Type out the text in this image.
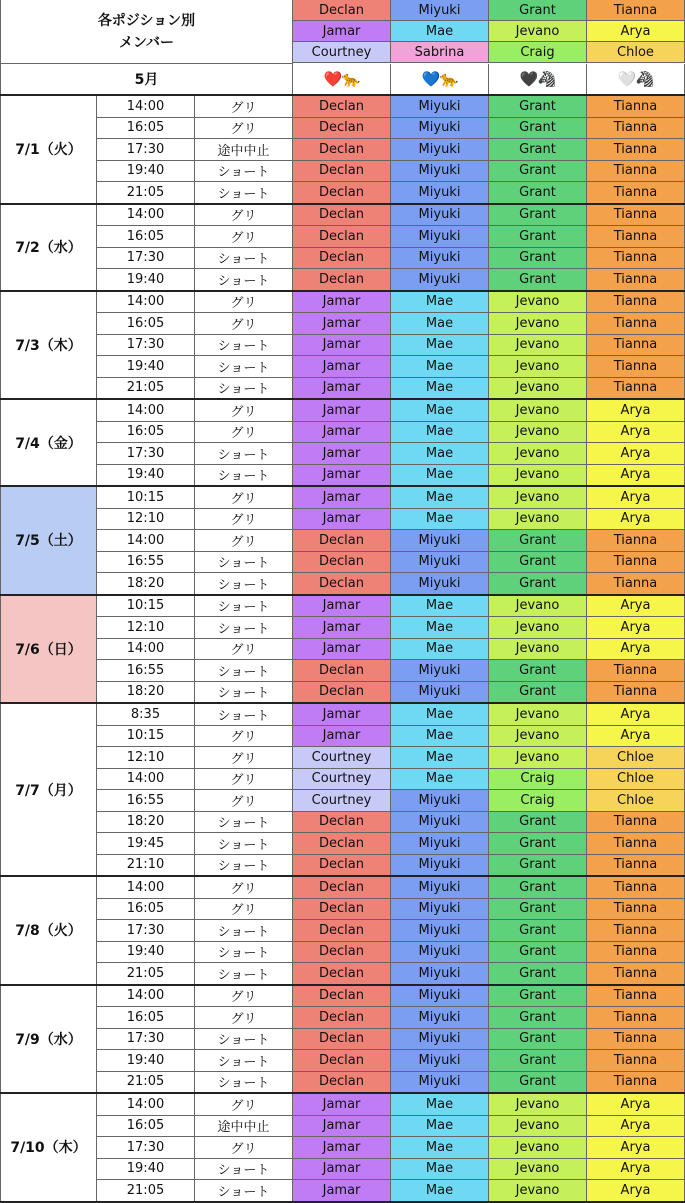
各ポジション別
メンバー
Declan	Miyuki	Grant	Tianna
Jamar	Mae	Jevano	Arya
Courtney	Sabrina	Craig	Chloe
5月	❤️🐆	💙🐆	🖤🦓	🤍🦓
7/1（火）
14:00	グリ	Declan	Miyuki	Grant	Tianna
16:05	グリ	Declan	Miyuki	Grant	Tianna
17:30	途中中止	Declan	Miyuki	Grant	Tianna
19:40	ショート	Declan	Miyuki	Grant	Tianna
21:05	ショート	Declan	Miyuki	Grant	Tianna
7/2（水）
14:00	グリ	Declan	Miyuki	Grant	Tianna
16:05	グリ	Declan	Miyuki	Grant	Tianna
17:30	ショート	Declan	Miyuki	Grant	Tianna
19:40	ショート	Declan	Miyuki	Grant	Tianna
7/3（木）
14:00	グリ	Jamar	Mae	Jevano	Tianna
16:05	グリ	Jamar	Mae	Jevano	Tianna
17:30	ショート	Jamar	Mae	Jevano	Tianna
19:40	ショート	Jamar	Mae	Jevano	Tianna
21:05	ショート	Jamar	Mae	Jevano	Tianna
7/4（金）
14:00	グリ	Jamar	Mae	Jevano	Arya
16:05	グリ	Jamar	Mae	Jevano	Arya
17:30	ショート	Jamar	Mae	Jevano	Arya
19:40	ショート	Jamar	Mae	Jevano	Arya
7/5（土）
10:15	グリ	Jamar	Mae	Jevano	Arya
12:10	グリ	Jamar	Mae	Jevano	Arya
14:00	グリ	Declan	Miyuki	Grant	Tianna
16:55	ショート	Declan	Miyuki	Grant	Tianna
18:20	ショート	Declan	Miyuki	Grant	Tianna
7/6（日）
10:15	ショート	Jamar	Mae	Jevano	Arya
12:10	ショート	Jamar	Mae	Jevano	Arya
14:00	グリ	Jamar	Mae	Jevano	Arya
16:55	ショート	Declan	Miyuki	Grant	Tianna
18:20	ショート	Declan	Miyuki	Grant	Tianna
7/7（月）
8:35	ショート	Jamar	Mae	Jevano	Arya
10:15	グリ	Jamar	Mae	Jevano	Arya
12:10	グリ	Courtney	Mae	Jevano	Chloe
14:00	グリ	Courtney	Mae	Craig	Chloe
16:55	グリ	Courtney	Miyuki	Craig	Chloe
18:20	ショート	Declan	Miyuki	Grant	Tianna
19:45	ショート	Declan	Miyuki	Grant	Tianna
21:10	ショート	Declan	Miyuki	Grant	Tianna
7/8（火）
14:00	グリ	Declan	Miyuki	Grant	Tianna
16:05	グリ	Declan	Miyuki	Grant	Tianna
17:30	ショート	Declan	Miyuki	Grant	Tianna
19:40	ショート	Declan	Miyuki	Grant	Tianna
21:05	ショート	Declan	Miyuki	Grant	Tianna
7/9（水）
14:00	グリ	Declan	Miyuki	Grant	Tianna
16:05	グリ	Declan	Miyuki	Grant	Tianna
17:30	ショート	Declan	Miyuki	Grant	Tianna
19:40	ショート	Declan	Miyuki	Grant	Tianna
21:05	ショート	Declan	Miyuki	Grant	Tianna
7/10（木）
14:00	グリ	Jamar	Mae	Jevano	Arya
16:05	途中中止	Jamar	Mae	Jevano	Arya
17:30	グリ	Jamar	Mae	Jevano	Arya
19:40	ショート	Jamar	Mae	Jevano	Arya
21:05	ショート	Jamar	Mae	Jevano	Arya
